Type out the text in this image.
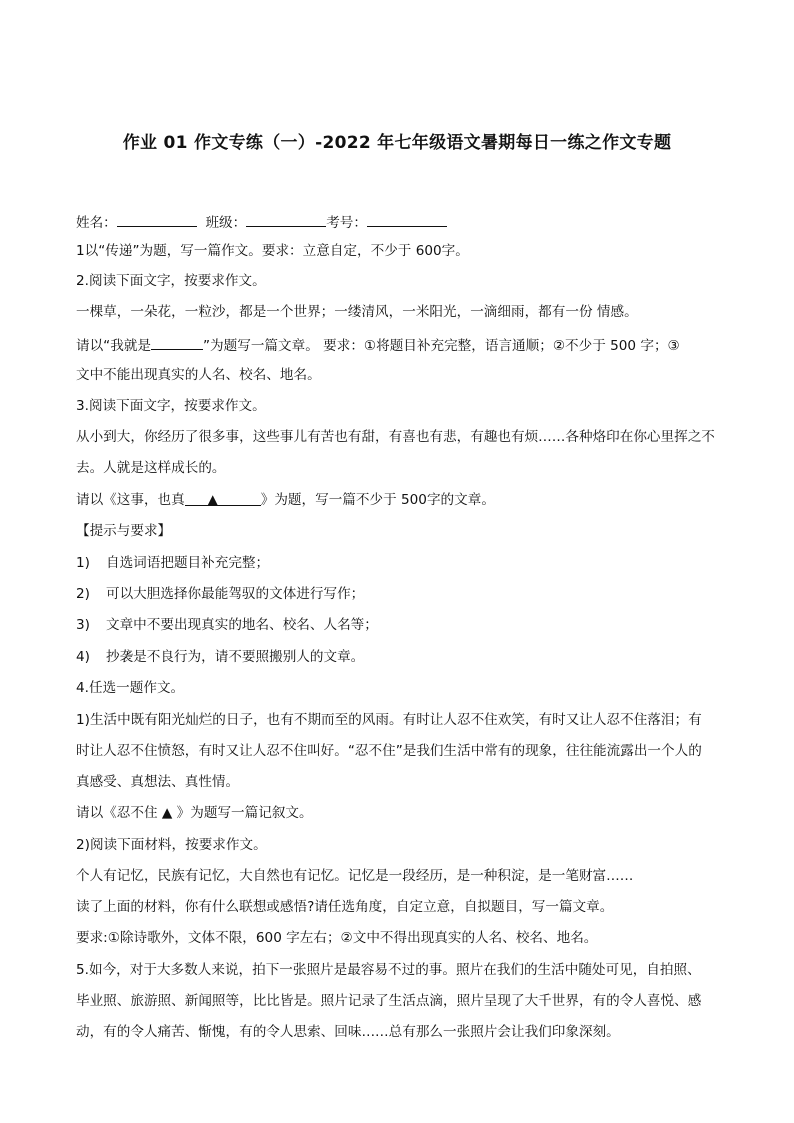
作业 01 作文专练（一）-2022 年七年级语文暑期每日一练之作文专题
姓名：	班级：	考号：
1以“传递”为题，写一篇作文。要求：立意自定，不少于 600字。
2.阅读下面文字，按要求作文。
一棵草，一朵花，一粒沙，都是一个世界；一缕清风，一米阳光，一滴细雨，都有一份 情感。
请以“我就是	”为题写一篇文章。 要求：①将题目补充完整，语言通顺；②不少于 500 字；③
文中不能出现真实的人名、校名、地名。
3.阅读下面文字，按要求作文。
从小到大，你经历了很多事，这些事儿有苦也有甜，有喜也有悲，有趣也有烦……各种烙印在你心里挥之不
去。人就是这样成长的。
请以《这事，也真 ▲	》为题，写一篇不少于 500字的文章。
【提示与要求】
1) 自选词语把题目补充完整；
2) 可以大胆选择你最能驾驭的文体进行写作；
3) 文章中不要出现真实的地名、校名、人名等；
4) 抄袭是不良行为，请不要照搬别人的文章。
4.任选一题作文。
1)生活中既有阳光灿烂的日子，也有不期而至的风雨。有时让人忍不住欢笑，有时又让人忍不住落泪；有
时让人忍不住愤怒，有时又让人忍不住叫好。“忍不住”是我们生活中常有的现象，往往能流露出一个人的
真感受、真想法、真性情。
请以《忍不住 ▲ 》为题写一篇记叙文。
2)阅读下面材料，按要求作文。
个人有记忆，民族有记忆，大自然也有记忆。记忆是一段经历，是一种积淀，是一笔财富……
读了上面的材料，你有什么联想或感悟?请任选角度，自定立意，自拟题目，写一篇文章。
要求:①除诗歌外，文体不限，600 字左右；②文中不得出现真实的人名、校名、地名。
5.如今，对于大多数人来说，拍下一张照片是最容易不过的事。照片在我们的生活中随处可见，自拍照、
毕业照、旅游照、新闻照等，比比皆是。照片记录了生活点滴，照片呈现了大千世界，有的令人喜悦、感
动，有的令人痛苦、惭愧，有的令人思索、回味……总有那么一张照片会让我们印象深刻。
